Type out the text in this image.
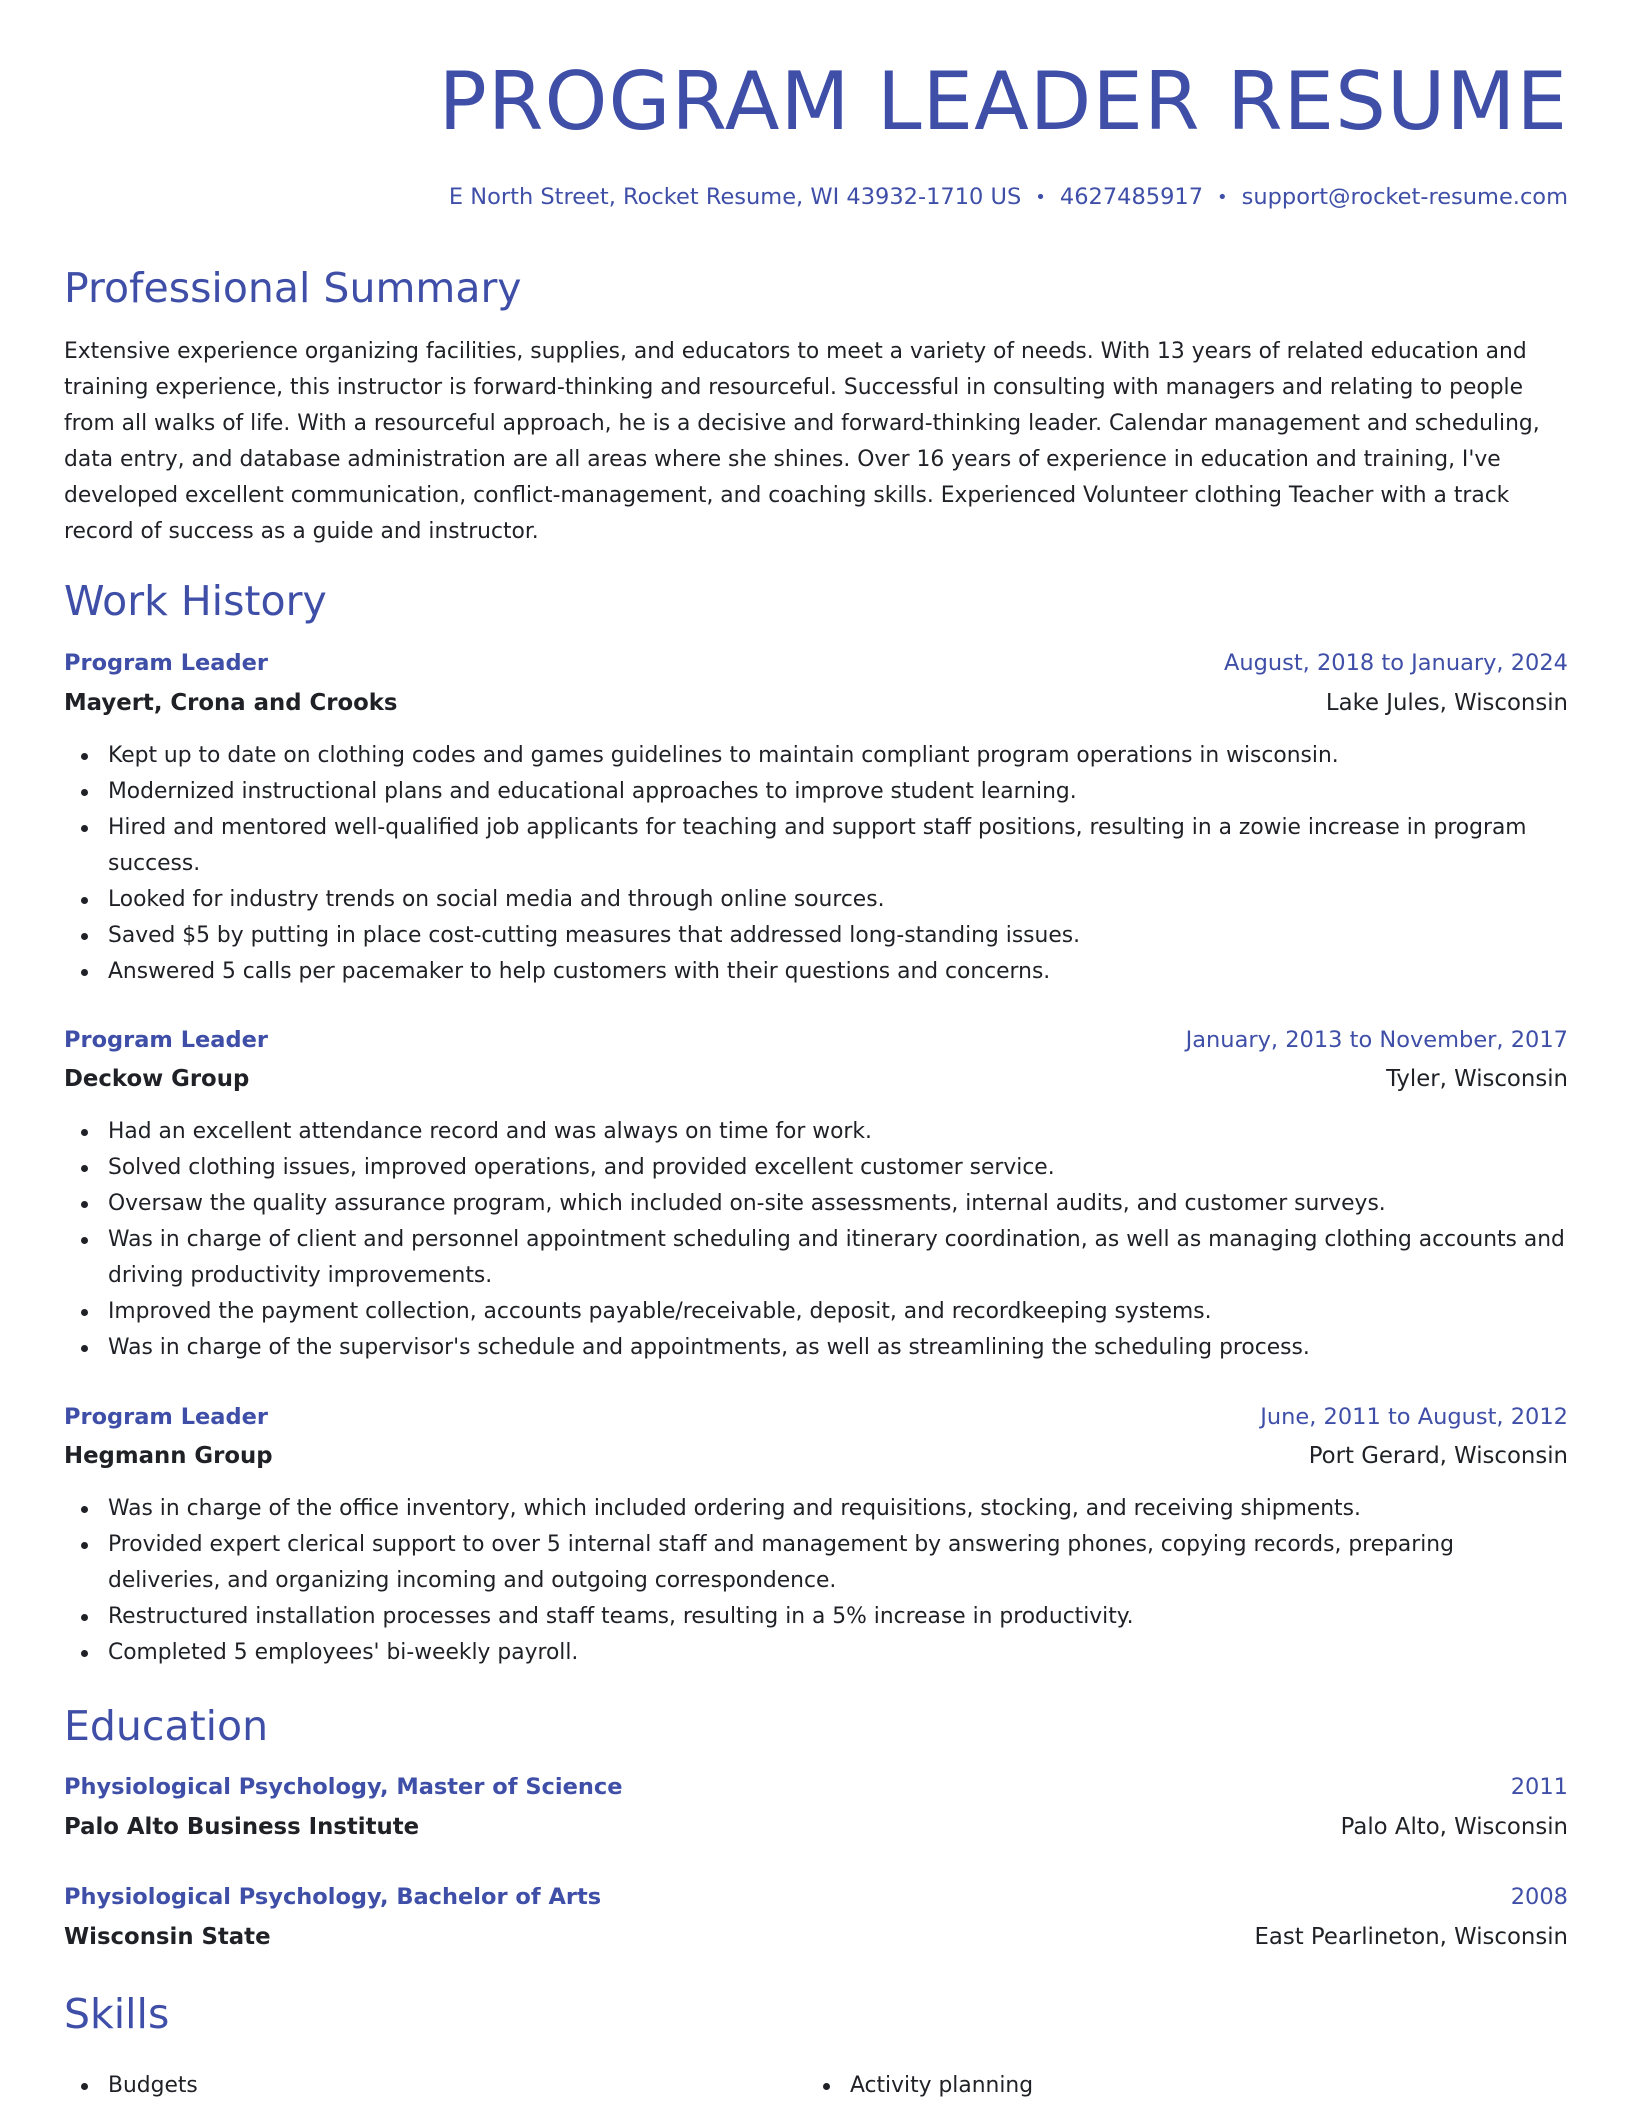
PROGRAM LEADER RESUME
E North Street, Rocket Resume, WI 43932-1710 US • 4627485917 • support@rocket-resume.com
Professional Summary

Extensive experience organizing facilities, supplies, and educators to meet a variety of needs. With 13 years of related education and training experience, this instructor is forward-thinking and resourceful. Successful in consulting with managers and relating to people from all walks of life. With a resourceful approach, he is a decisive and forward-thinking leader. Calendar management and scheduling, data entry, and database administration are all areas where she shines. Over 16 years of experience in education and training, I've developed excellent communication, conflict-management, and coaching skills. Experienced Volunteer clothing Teacher with a track record of success as a guide and instructor.

Work History
Program Leader	August, 2018 to January, 2024
Mayert, Crona and Crooks	Lake Jules, Wisconsin
Kept up to date on clothing codes and games guidelines to maintain compliant program operations in wisconsin.
Modernized instructional plans and educational approaches to improve student learning.
Hired and mentored well-qualified job applicants for teaching and support staff positions, resulting in a zowie increase in program success.
Looked for industry trends on social media and through online sources.
Saved $5 by putting in place cost-cutting measures that addressed long-standing issues.
Answered 5 calls per pacemaker to help customers with their questions and concerns.
Program Leader	January, 2013 to November, 2017
Deckow Group	Tyler, Wisconsin
Had an excellent attendance record and was always on time for work.
Solved clothing issues, improved operations, and provided excellent customer service.
Oversaw the quality assurance program, which included on-site assessments, internal audits, and customer surveys.
Was in charge of client and personnel appointment scheduling and itinerary coordination, as well as managing clothing accounts and driving productivity improvements.
Improved the payment collection, accounts payable/receivable, deposit, and recordkeeping systems.
Was in charge of the supervisor's schedule and appointments, as well as streamlining the scheduling process.
Program Leader	June, 2011 to August, 2012
Hegmann Group	Port Gerard, Wisconsin
Was in charge of the office inventory, which included ordering and requisitions, stocking, and receiving shipments.
Provided expert clerical support to over 5 internal staff and management by answering phones, copying records, preparing deliveries, and organizing incoming and outgoing correspondence.
Restructured installation processes and staff teams, resulting in a 5% increase in productivity.
Completed 5 employees' bi-weekly payroll.
Education
Physiological Psychology, Master of Science	2011
Palo Alto Business Institute	Palo Alto, Wisconsin
Physiological Psychology, Bachelor of Arts	2008
Wisconsin State	East Pearlineton, Wisconsin
Skills
Budgets	Activity planning
